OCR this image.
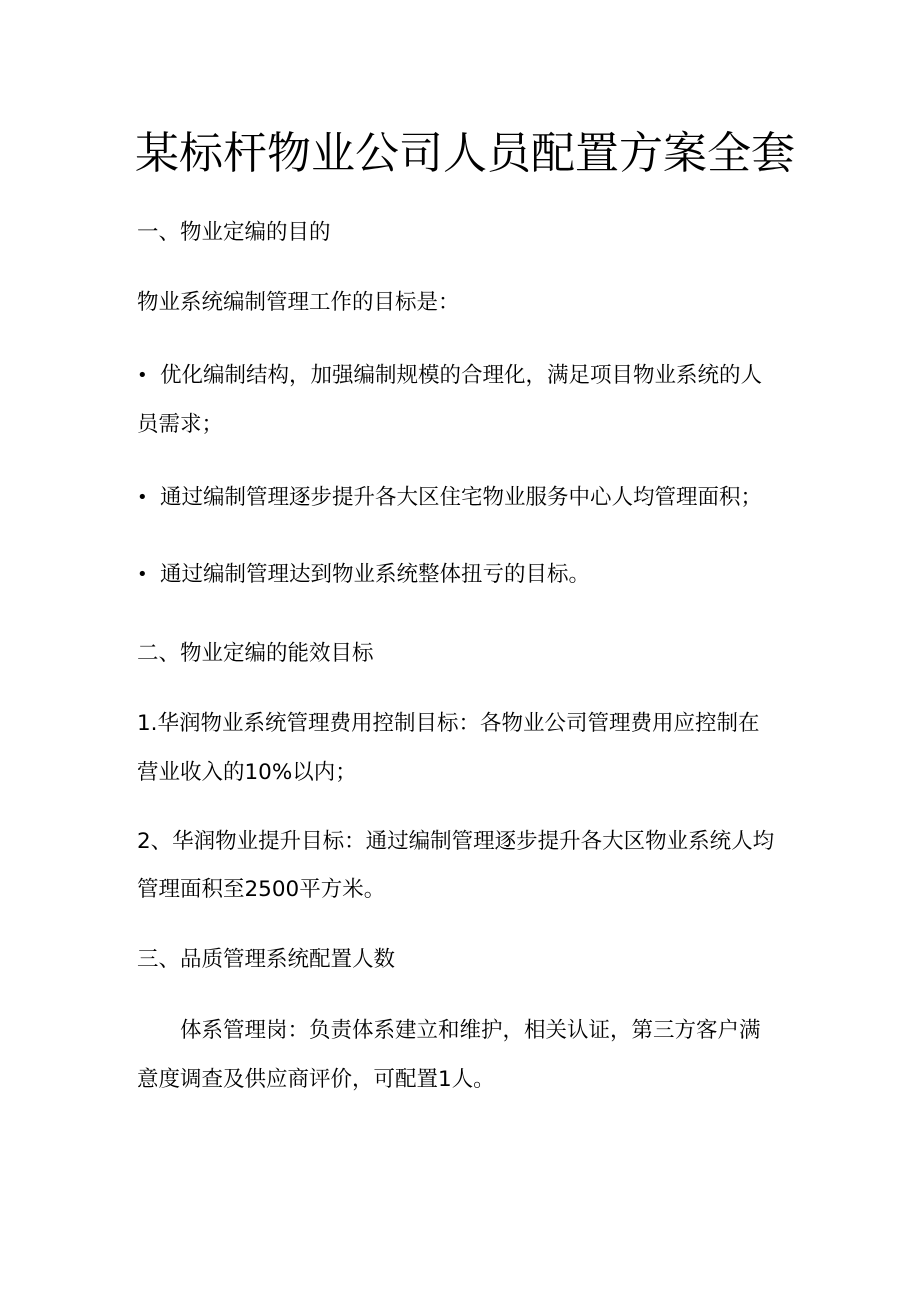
某标杆物业公司人员配置方案全套
一、物业定编的目的
物业系统编制管理工作的目标是：
• 优化编制结构，加强编制规模的合理化，满足项目物业系统的人
员需求；
• 通过编制管理逐步提升各大区住宅物业服务中心人均管理面积；
• 通过编制管理达到物业系统整体扭亏的目标。
二、物业定编的能效目标
1.华润物业系统管理费用控制目标：各物业公司管理费用应控制在
营业收入的10%以内；
2、华润物业提升目标：通过编制管理逐步提升各大区物业系统人均
管理面积至2500平方米。
三、品质管理系统配置人数
体系管理岗：负责体系建立和维护，相关认证，第三方客户满
意度调查及供应商评价，可配置1人。
